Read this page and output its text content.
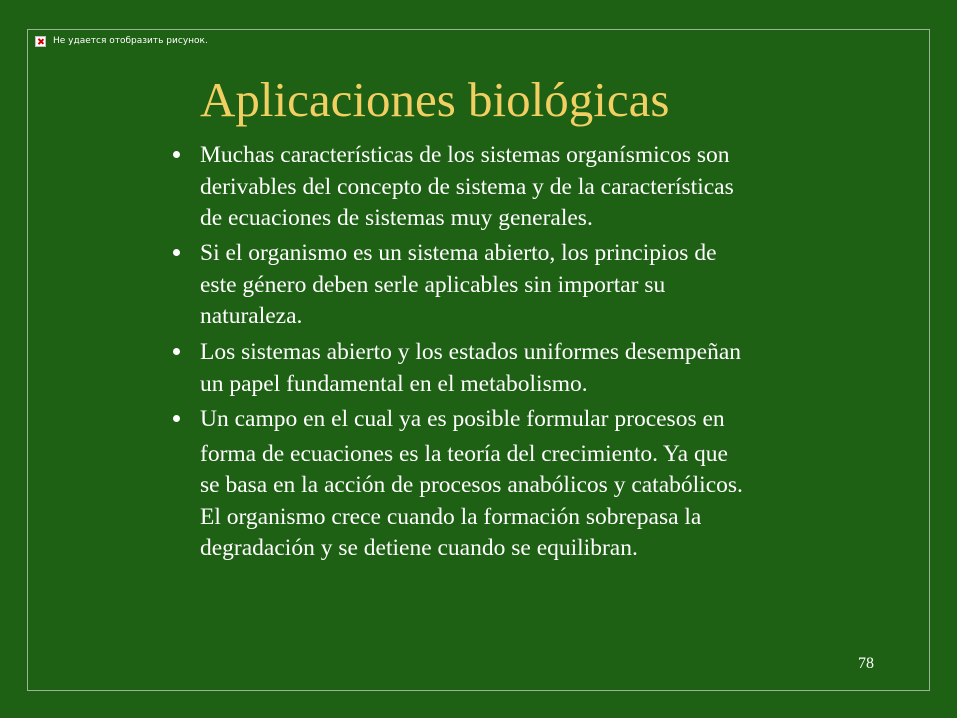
Не удается отобразить рисунок.
Aplicaciones biológicas
Muchas características de los sistemas organísmicos son
derivables del concepto de sistema y de la características
de ecuaciones de sistemas muy generales.
Si el organismo es un sistema abierto, los principios de
este género deben serle aplicables sin importar su
naturaleza.
Los sistemas abierto y los estados uniformes desempeñan
un papel fundamental en el metabolismo.
Un campo en el cual ya es posible formular procesos en
forma de ecuaciones es la teoría del crecimiento. Ya que
se basa en la acción de procesos anabólicos y catabólicos.
El organismo crece cuando la formación sobrepasa la
degradación y se detiene cuando se equilibran.
78
